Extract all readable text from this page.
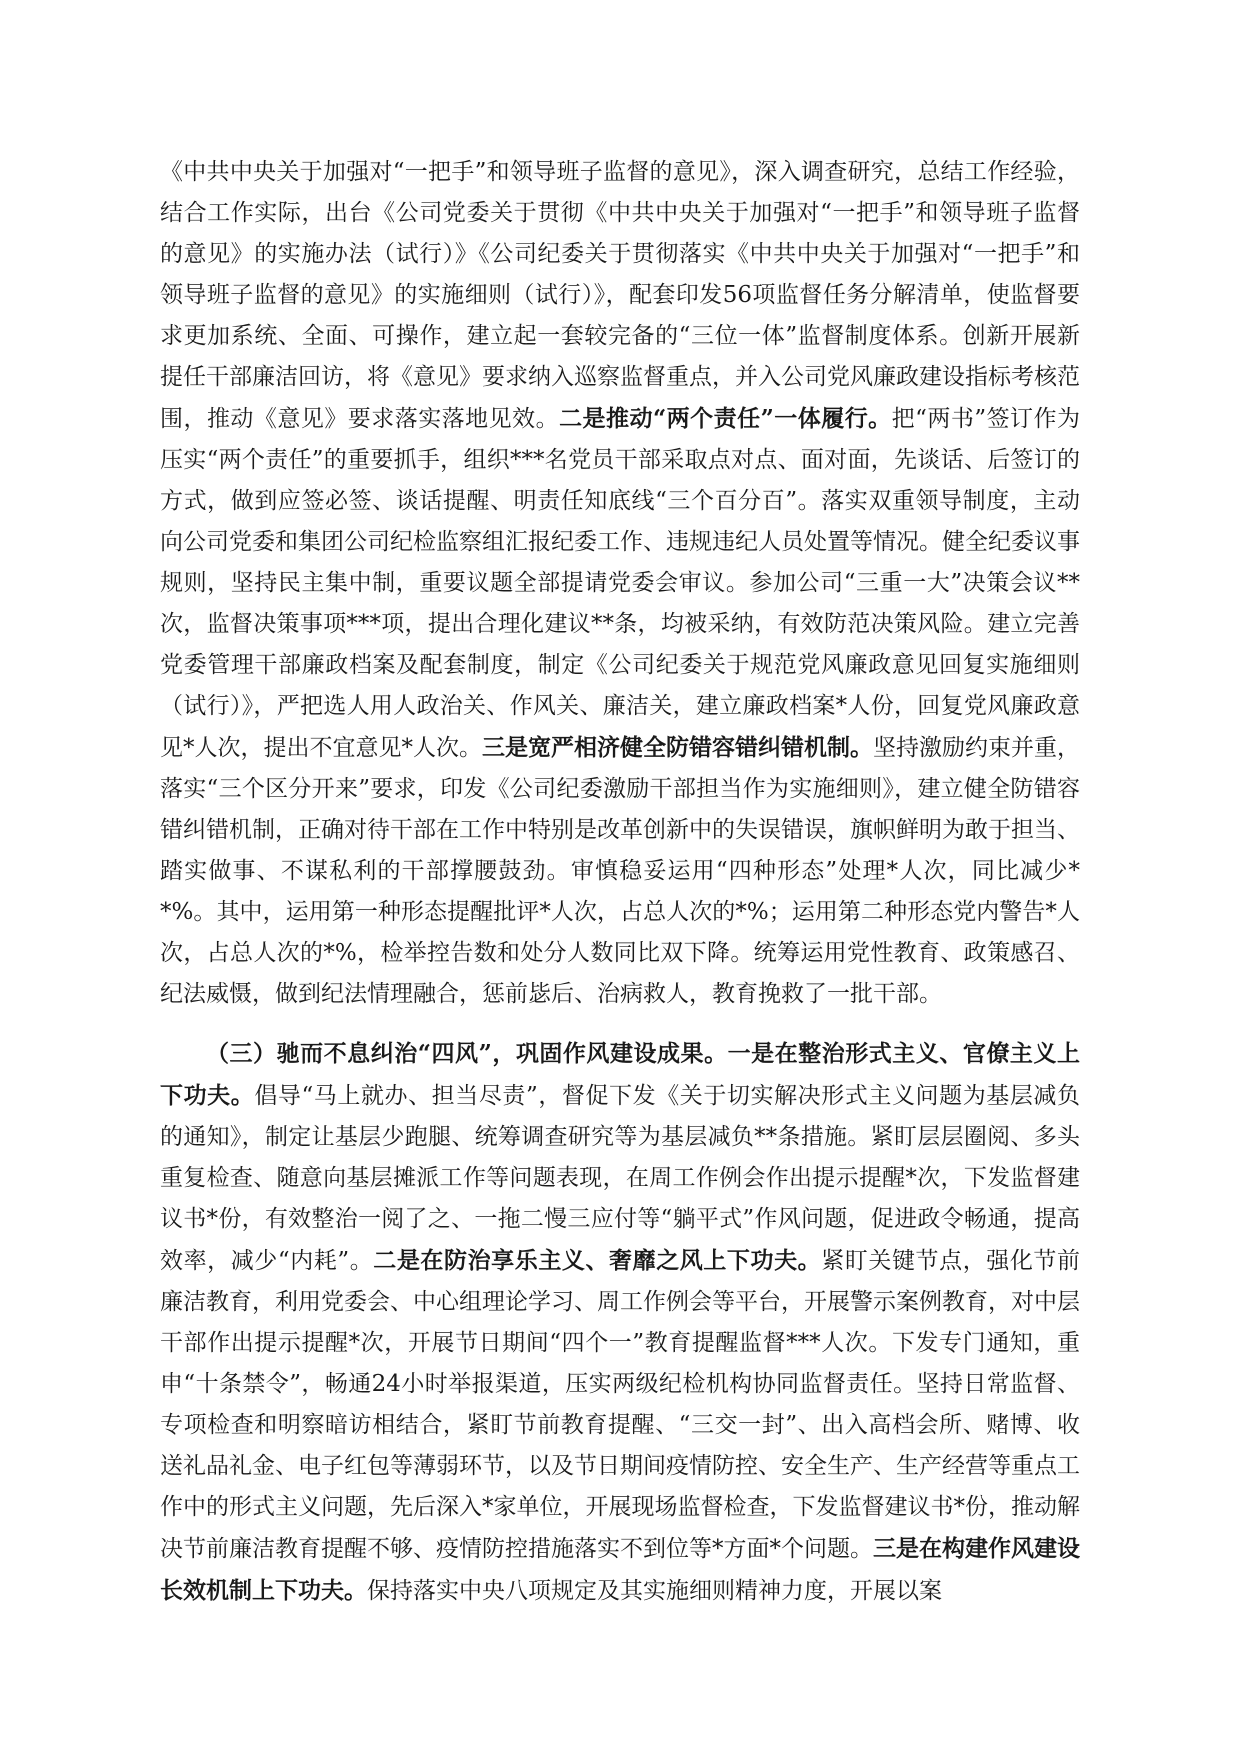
《中共中央关于加强对“一把手”和领导班子监督的意见》，深入调查研究，总结工作经验，结合工作实际，出台《公司党委关于贯彻《中共中央关于加强对“一把手”和领导班子监督的意见》的实施办法（试行）》《公司纪委关于贯彻落实《中共中央关于加强对“一把手”和领导班子监督的意见》的实施细则（试行）》，配套印发56项监督任务分解清单，使监督要求更加系统、全面、可操作，建立起一套较完备的“三位一体”监督制度体系。创新开展新提任干部廉洁回访，将《意见》要求纳入巡察监督重点，并入公司党风廉政建设指标考核范围，推动《意见》要求落实落地见效。二是推动“两个责任”一体履行。把“两书”签订作为压实“两个责任”的重要抓手，组织***名党员干部采取点对点、面对面，先谈话、后签订的方式，做到应签必签、谈话提醒、明责任知底线“三个百分百”。落实双重领导制度，主动向公司党委和集团公司纪检监察组汇报纪委工作、违规违纪人员处置等情况。健全纪委议事规则，坚持民主集中制，重要议题全部提请党委会审议。参加公司“三重一大”决策会议**次，监督决策事项***项，提出合理化建议**条，均被采纳，有效防范决策风险。建立完善党委管理干部廉政档案及配套制度，制定《公司纪委关于规范党风廉政意见回复实施细则（试行）》，严把选人用人政治关、作风关、廉洁关，建立廉政档案*人份，回复党风廉政意见*人次，提出不宜意见*人次。三是宽严相济健全防错容错纠错机制。坚持激励约束并重，落实“三个区分开来”要求，印发《公司纪委激励干部担当作为实施细则》，建立健全防错容错纠错机制，正确对待干部在工作中特别是改革创新中的失误错误，旗帜鲜明为敢于担当、踏实做事、不谋私利的干部撑腰鼓劲。审慎稳妥运用“四种形态”处理*人次，同比减少**%。其中，运用第一种形态提醒批评*人次，占总人次的*%；运用第二种形态党内警告*人次，占总人次的*%，检举控告数和处分人数同比双下降。统筹运用党性教育、政策感召、纪法威慑，做到纪法情理融合，惩前毖后、治病救人，教育挽救了一批干部。

（三）驰而不息纠治“四风”，巩固作风建设成果。一是在整治形式主义、官僚主义上下功夫。倡导“马上就办、担当尽责”，督促下发《关于切实解决形式主义问题为基层减负的通知》，制定让基层少跑腿、统筹调查研究等为基层减负**条措施。紧盯层层圈阅、多头重复检查、随意向基层摊派工作等问题表现，在周工作例会作出提示提醒*次，下发监督建议书*份，有效整治一阅了之、一拖二慢三应付等“躺平式”作风问题，促进政令畅通，提高效率，减少“内耗”。二是在防治享乐主义、奢靡之风上下功夫。紧盯关键节点，强化节前廉洁教育，利用党委会、中心组理论学习、周工作例会等平台，开展警示案例教育，对中层干部作出提示提醒*次，开展节日期间“四个一”教育提醒监督***人次。下发专门通知，重申“十条禁令”，畅通24小时举报渠道，压实两级纪检机构协同监督责任。坚持日常监督、专项检查和明察暗访相结合，紧盯节前教育提醒、“三交一封”、出入高档会所、赌博、收送礼品礼金、电子红包等薄弱环节，以及节日期间疫情防控、安全生产、生产经营等重点工作中的形式主义问题，先后深入*家单位，开展现场监督检查，下发监督建议书*份，推动解决节前廉洁教育提醒不够、疫情防控措施落实不到位等*方面*个问题。三是在构建作风建设长效机制上下功夫。保持落实中央八项规定及其实施细则精神力度，开展以案
